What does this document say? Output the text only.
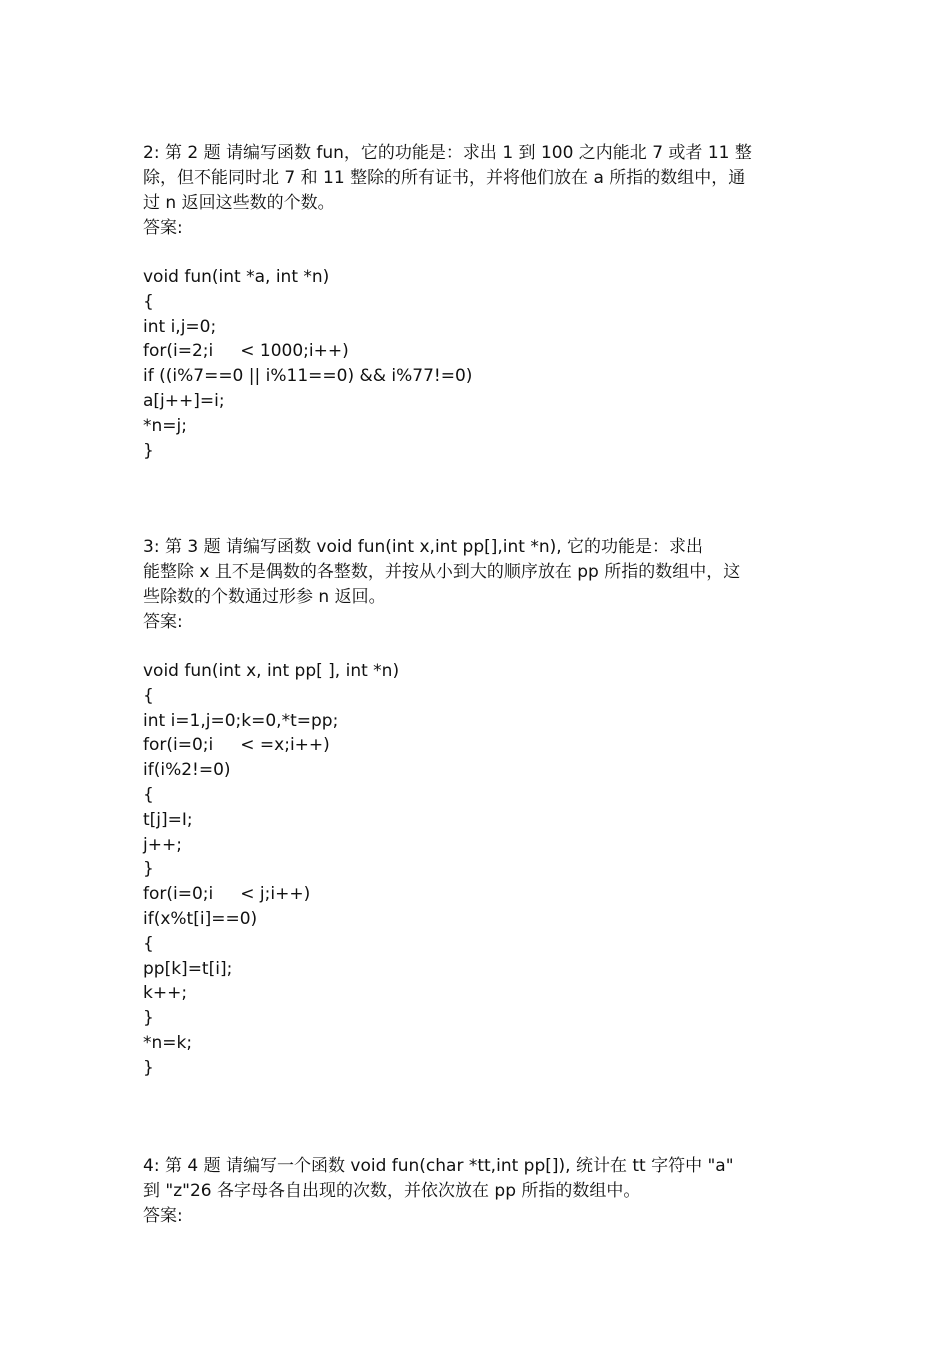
2: 第 2 题 请编写函数 fun，它的功能是：求出 1 到 100 之内能北 7 或者 11 整
除，但不能同时北 7 和 11 整除的所有证书，并将他们放在 a 所指的数组中，通
过 n 返回这些数的个数。

答案:

void fun(int *a, int *n)
{
int i,j=0;
for(i=2;i     < 1000;i++)
if ((i%7==0 || i%11==0) && i%77!=0)
a[j++]=i;
*n=j;
}

3: 第 3 题 请编写函数 void fun(int x,int pp[],int *n), 它的功能是：求出
能整除 x 且不是偶数的各整数，并按从小到大的顺序放在 pp 所指的数组中，这
些除数的个数通过形参 n 返回。

答案:

void fun(int x, int pp[ ], int *n)
{
int i=1,j=0;k=0,*t=pp;
for(i=0;i     < =x;i++)
if(i%2!=0)
{
t[j]=I;
j++;
}
for(i=0;i     < j;i++)
if(x%t[i]==0)
{
pp[k]=t[i];
k++;
}
*n=k;
}

4: 第 4 题 请编写一个函数 void fun(char *tt,int pp[]), 统计在 tt 字符中 "a"
到 "z"26 各字母各自出现的次数，并依次放在 pp 所指的数组中。

答案:
